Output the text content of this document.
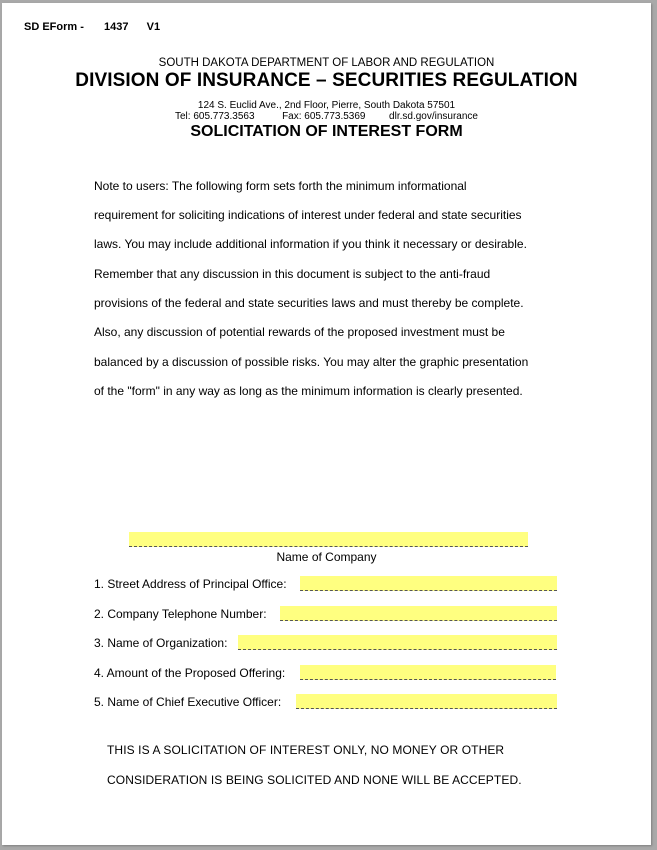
SD EForm - 1437 V1
SOUTH DAKOTA DEPARTMENT OF LABOR AND REGULATION
DIVISION OF INSURANCE – SECURITIES REGULATION
124 S. Euclid Ave., 2nd Floor, Pierre, South Dakota 57501
Tel: 605.773.3563	Fax: 605.773.5369 dlr.sd.gov/insurance
SOLICITATION OF INTEREST FORM
Note to users: The following form sets forth the minimum informational
requirement for soliciting indications of interest under federal and state securities
laws. You may include additional information if you think it necessary or desirable.
Remember that any discussion in this document is subject to the anti-fraud
provisions of the federal and state securities laws and must thereby be complete.
Also, any discussion of potential rewards of the proposed investment must be
balanced by a discussion of possible risks. You may alter the graphic presentation
of the "form" in any way as long as the minimum information is clearly presented.
Name of Company
1. Street Address of Principal Office:
2. Company Telephone Number:
3. Name of Organization:
4. Amount of the Proposed Offering:
5. Name of Chief Executive Officer:
THIS IS A SOLICITATION OF INTEREST ONLY, NO MONEY OR OTHER
CONSIDERATION IS BEING SOLICITED AND NONE WILL BE ACCEPTED.
